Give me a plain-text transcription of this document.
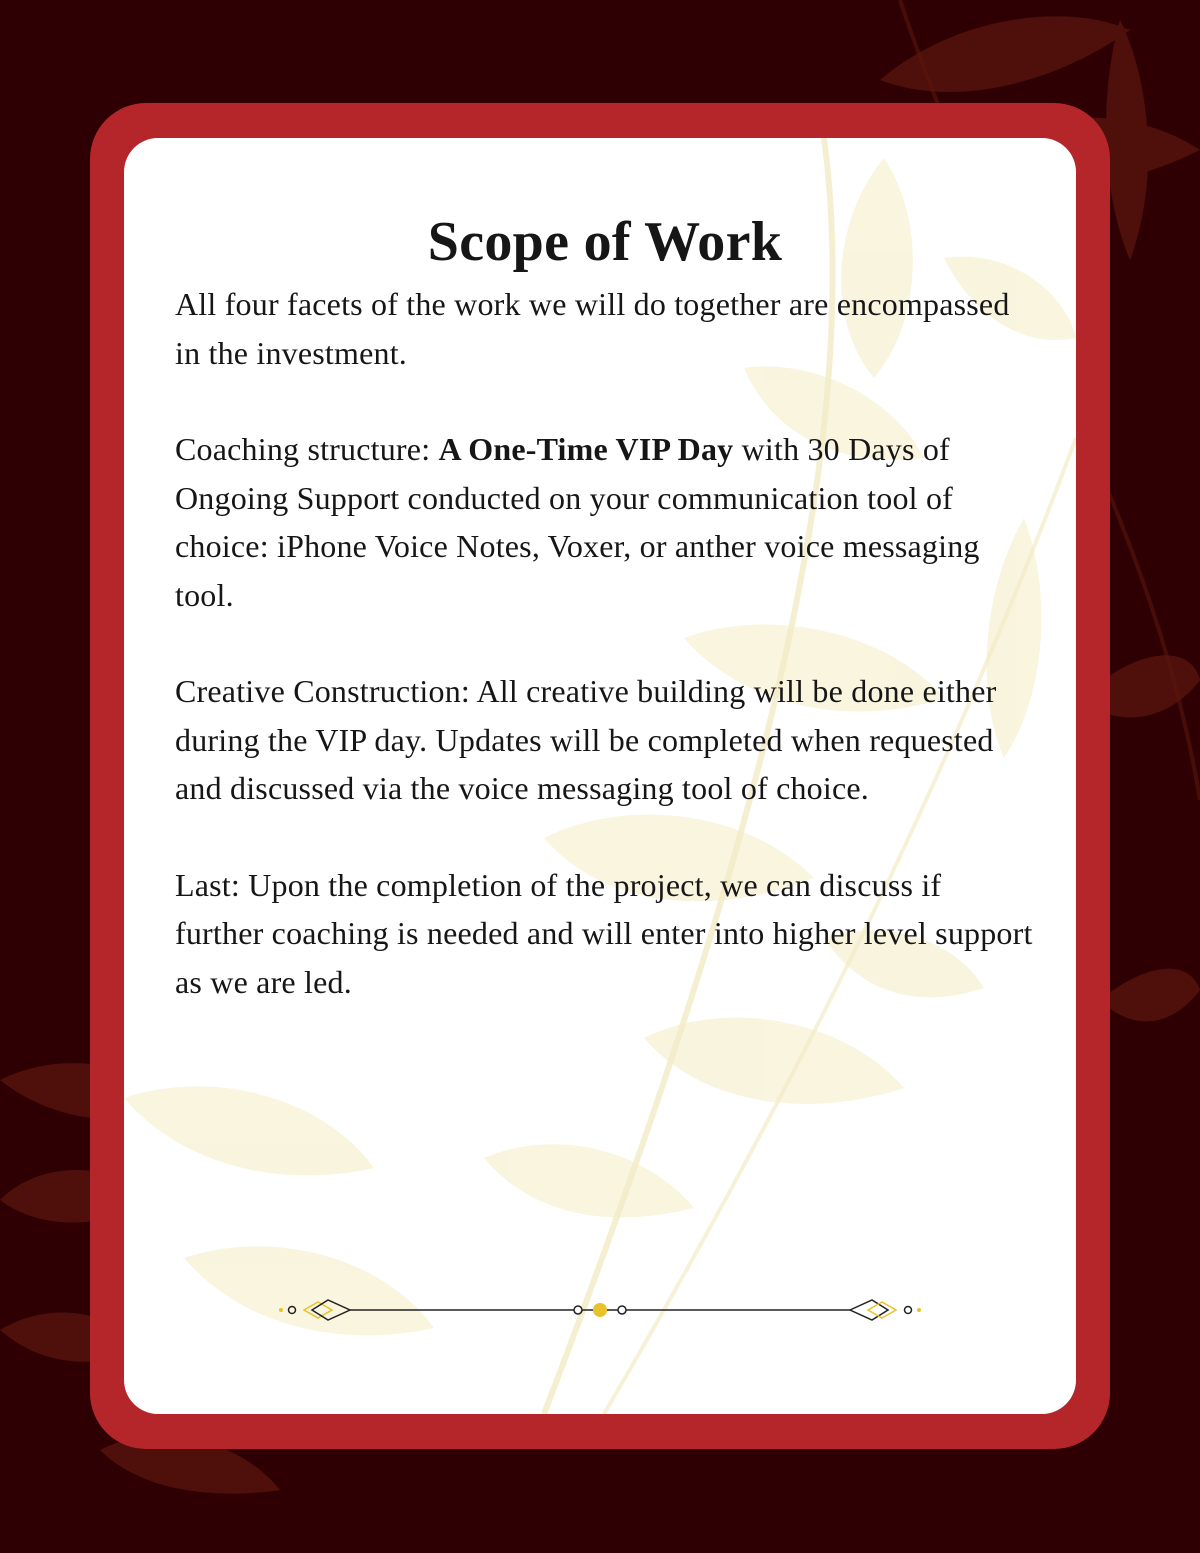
Scope of Work

All four facets of the work we will do together are encompassed in the investment.

Coaching structure: A One-Time VIP Day with 30 Days of Ongoing Support conducted on your communication tool of choice: iPhone Voice Notes, Voxer, or anther voice messaging tool.

Creative Construction: All creative building will be done either during the VIP day. Updates will be completed when requested and discussed via the voice messaging tool of choice.

Last: Upon the completion of the project, we can discuss if further coaching is needed and will enter into higher level support as we are led.
